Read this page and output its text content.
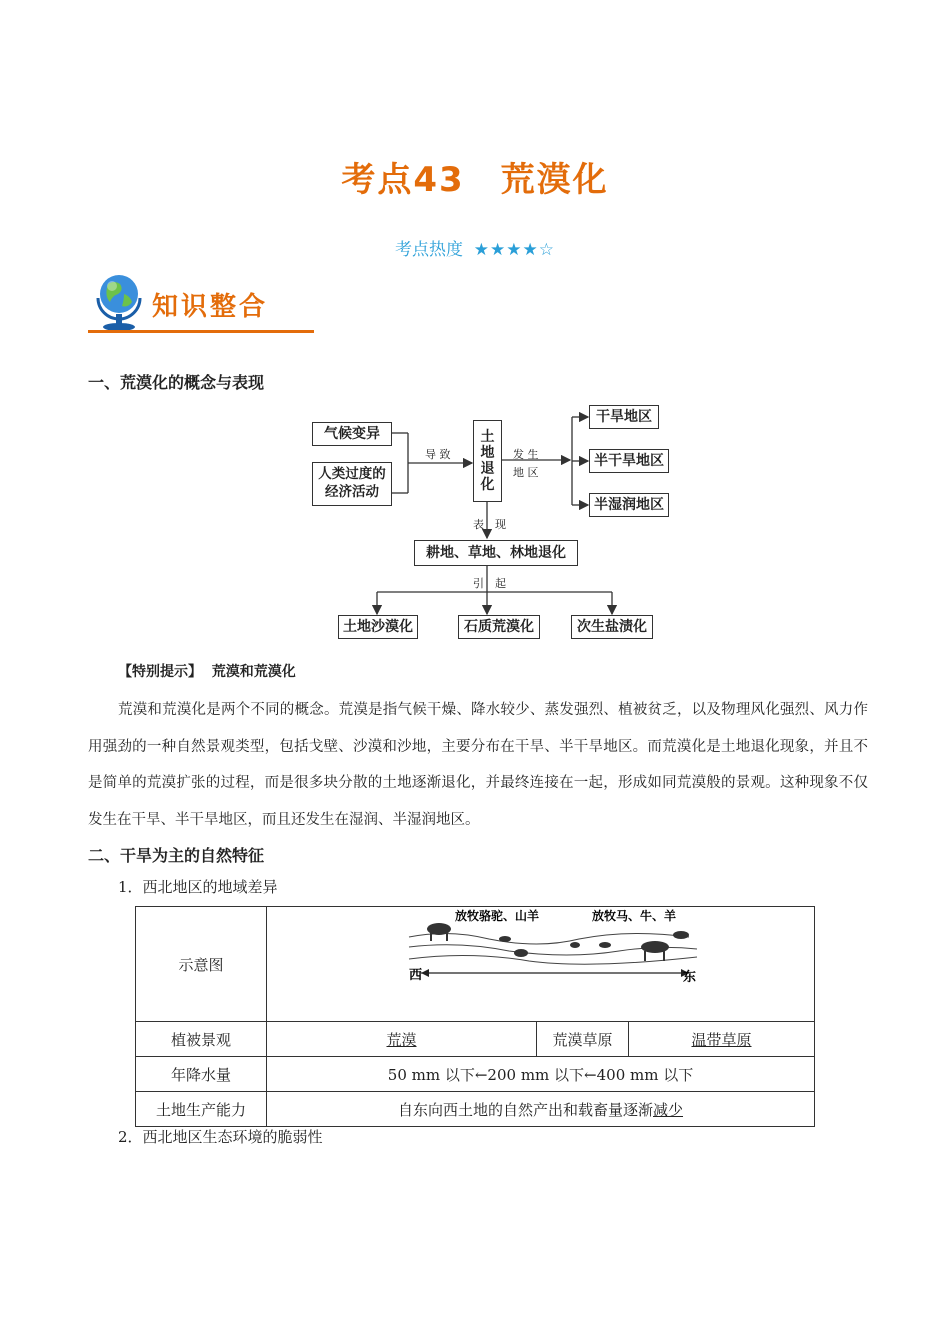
考点43　荒漠化
考点热度 ★★★★☆
知识整合
一、荒漠化的概念与表现
气候变异
人类过度的经济活动
导 致
土地退化
发 生
地 区
干旱地区
半干旱地区
半湿润地区
表　现
耕地、草地、林地退化
引　起
土地沙漠化	石质荒漠化	次生盐渍化
【特别提示】 荒漠和荒漠化
荒漠和荒漠化是两个不同的概念。荒漠是指气候干燥、降水较少、蒸发强烈、植被贫乏，以及物理风化强烈、风力作用强劲的一种自然景观类型，包括戈壁、沙漠和沙地，主要分布在干旱、半干旱地区。而荒漠化是土地退化现象，并且不是简单的荒漠扩张的过程，而是很多块分散的土地逐渐退化，并最终连接在一起，形成如同荒漠般的景观。这种现象不仅发生在干旱、半干旱地区，而且还发生在湿润、半湿润地区。
二、干旱为主的自然特征
1．西北地区的地域差异
示意图	放牧骆驼、山羊 放牧马、牛、羊
西 东		

植被景观	荒漠	荒漠草原	温带草原
年降水量	50 mm 以下←200 mm 以下←400 mm 以下		
土地生产能力	自东向西土地的自然产出和载畜量逐渐减少		
2．西北地区生态环境的脆弱性
